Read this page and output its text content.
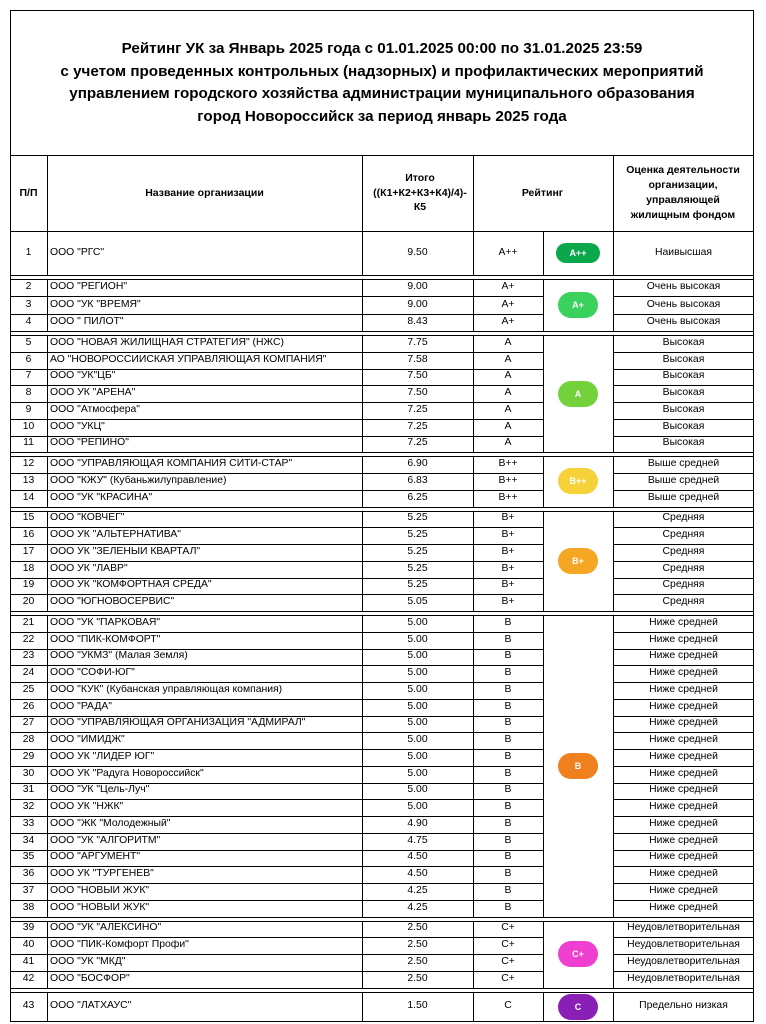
Рейтинг УК за Январь 2025 года с 01.01.2025 00:00 по 31.01.2025 23:59
с учетом проведенных контрольных (надзорных) и профилактических мероприятий
управлением городского хозяйства администрации муниципального образования
город Новороссийск за период январь 2025 года
П/П	Название организации
Итого ((К1+К2+К3+К4)/4)-К5
Рейтинг
Оценка деятельности организации, управляющей жилищным фондом
1	ООО "РГС"	9.50	A++	Наивысшая
2	ООО "РЕГИОН"	9.00	A+	Очень высокая
3	ООО "УК "ВРЕМЯ"	9.00	A+	Очень высокая
4	ООО " ПИЛОТ"	8.43	A+	Очень высокая
5	ООО "НОВАЯ ЖИЛИЩНАЯ СТРАТЕГИЯ" (НЖС)	7.75	A	Высокая
6	АО "НОВОРОССИЙСКАЯ УПРАВЛЯЮЩАЯ КОМПАНИЯ"	7.58	A	Высокая
7	ООО "УК"ЦБ"	7.50	A	Высокая
8	ООО УК "АРЕНА"	7.50	A	Высокая
9	ООО "Атмосфера"	7.25	A	Высокая
10	ООО "УКЦ"	7.25	A	Высокая
11	ООО "РЕПИНО"	7.25	A	Высокая
12	ООО "УПРАВЛЯЮЩАЯ КОМПАНИЯ СИТИ-СТАР"	6.90	B++	Выше средней
13	ООО "КЖУ" (Кубаньжилуправление)	6.83	B++	Выше средней
14	ООО "УК "КРАСИНА"	6.25	B++	Выше средней
15	ООО "КОВЧЕГ"	5.25	B+	Средняя
16	ООО УК "АЛЬТЕРНАТИВА"	5.25	B+	Средняя
17	ООО УК "ЗЕЛЕНЫЙ КВАРТАЛ"	5.25	B+	Средняя
18	ООО УК "ЛАВР"	5.25	B+	Средняя
19	ООО УК "КОМФОРТНАЯ СРЕДА"	5.25	B+	Средняя
20	ООО "ЮГНОВОСЕРВИС"	5.05	B+	Средняя
21	ООО "УК "ПАРКОВАЯ"	5.00	B	Ниже средней
22	ООО "ПИК-КОМФОРТ"	5.00	B	Ниже средней
23	ООО "УКМЗ" (Малая Земля)	5.00	B	Ниже средней
24	ООО "СОФИ-ЮГ"	5.00	B	Ниже средней
25	ООО "КУК" (Кубанская управляющая компания)	5.00	B	Ниже средней
26	ООО "РАДА"	5.00	B	Ниже средней
27	ООО "УПРАВЛЯЮЩАЯ ОРГАНИЗАЦИЯ "АДМИРАЛ"	5.00	B	Ниже средней
28	ООО "ИМИДЖ"	5.00	B	Ниже средней
29	ООО УК "ЛИДЕР ЮГ"	5.00	B	Ниже средней
30	ООО УК "Радуга Новороссийск"	5.00	B	Ниже средней
31	ООО "УК "Цель-Луч"	5.00	B	Ниже средней
32	ООО УК "НЖК"	5.00	B	Ниже средней
33	ООО "ЖК "Молодежный"	4.90	B	Ниже средней
34	ООО "УК "АЛГОРИТМ"	4.75	B	Ниже средней
35	ООО "АРГУМЕНТ"	4.50	B	Ниже средней
36	ООО УК "ТУРГЕНЕВ"	4.50	B	Ниже средней
37	ООО "НОВЫЙ ЖУК"	4.25	B	Ниже средней
38	ООО "НОВЫЙ ЖУК"	4.25	B	Ниже средней
39	ООО "УК "АЛЕКСИНО"	2.50	C+	Неудовлетворительная
40	ООО "ПИК-Комфорт Профи"	2.50	C+	Неудовлетворительная
41	ООО "УК "МКД"	2.50	C+	Неудовлетворительная
42	ООО "БОСФОР"	2.50	C+	Неудовлетворительная
43	ООО "ЛАТХАУС"	1.50	C	Предельно низкая
A++
A+
A
B++
B+
B
C+
C
